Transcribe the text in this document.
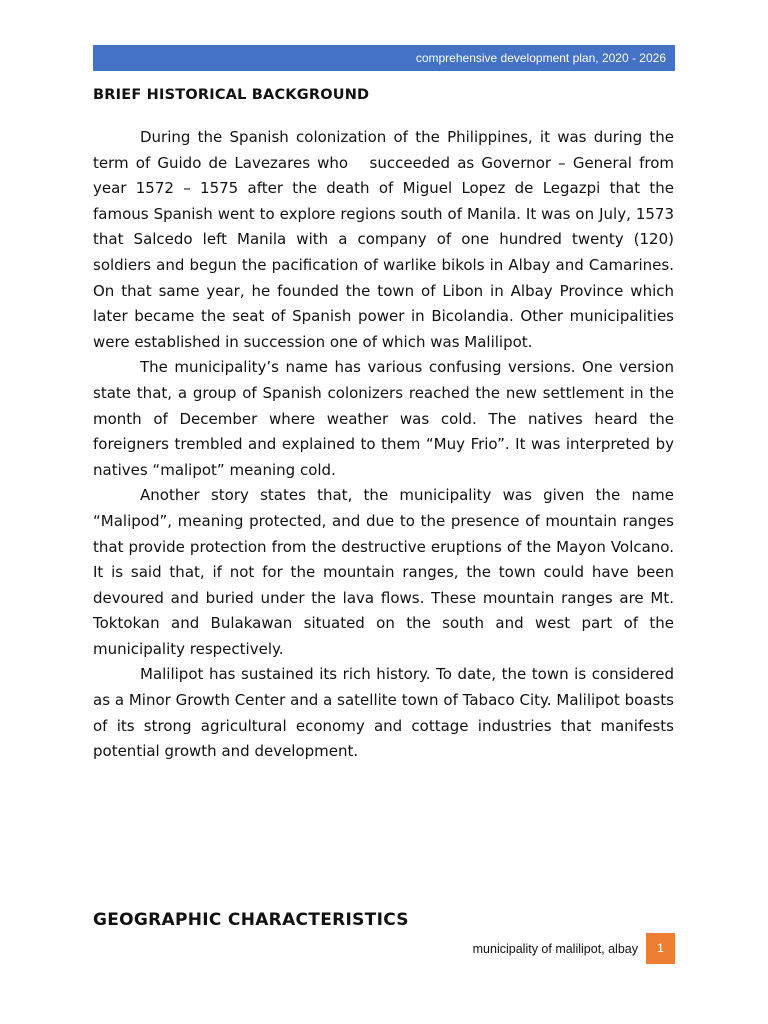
comprehensive development plan, 2020 - 2026
BRIEF HISTORICAL BACKGROUND

During the Spanish colonization of the Philippines, it was during the term of Guido de Lavezares who   succeeded as Governor – General from year 1572 – 1575 after the death of Miguel Lopez de Legazpi that the famous Spanish went to explore regions south of Manila. It was on July, 1573 that Salcedo left Manila with a company of one hundred twenty (120) soldiers and begun the pacification of warlike bikols in Albay and Camarines. On that same year, he founded the town of Libon in Albay Province which later became the seat of Spanish power in Bicolandia. Other municipalities were established in succession one of which was Malilipot.

The municipality’s name has various confusing versions. One version state that, a group of Spanish colonizers reached the new settlement in the month of December where weather was cold. The natives heard the foreigners trembled and explained to them “Muy Frio”. It was interpreted by natives “malipot” meaning cold.

Another story states that, the municipality was given the name “Malipod”, meaning protected, and due to the presence of mountain ranges that provide protection from the destructive eruptions of the Mayon Volcano. It is said that, if not for the mountain ranges, the town could have been devoured and buried under the lava flows. These mountain ranges are Mt. Toktokan and Bulakawan situated on the south and west part of the municipality respectively.

Malilipot has sustained its rich history. To date, the town is considered as a Minor Growth Center and a satellite town of Tabaco City. Malilipot boasts of its strong agricultural economy and cottage industries that manifests potential growth and development.

GEOGRAPHIC CHARACTERISTICS
municipality of malilipot, albay	1
